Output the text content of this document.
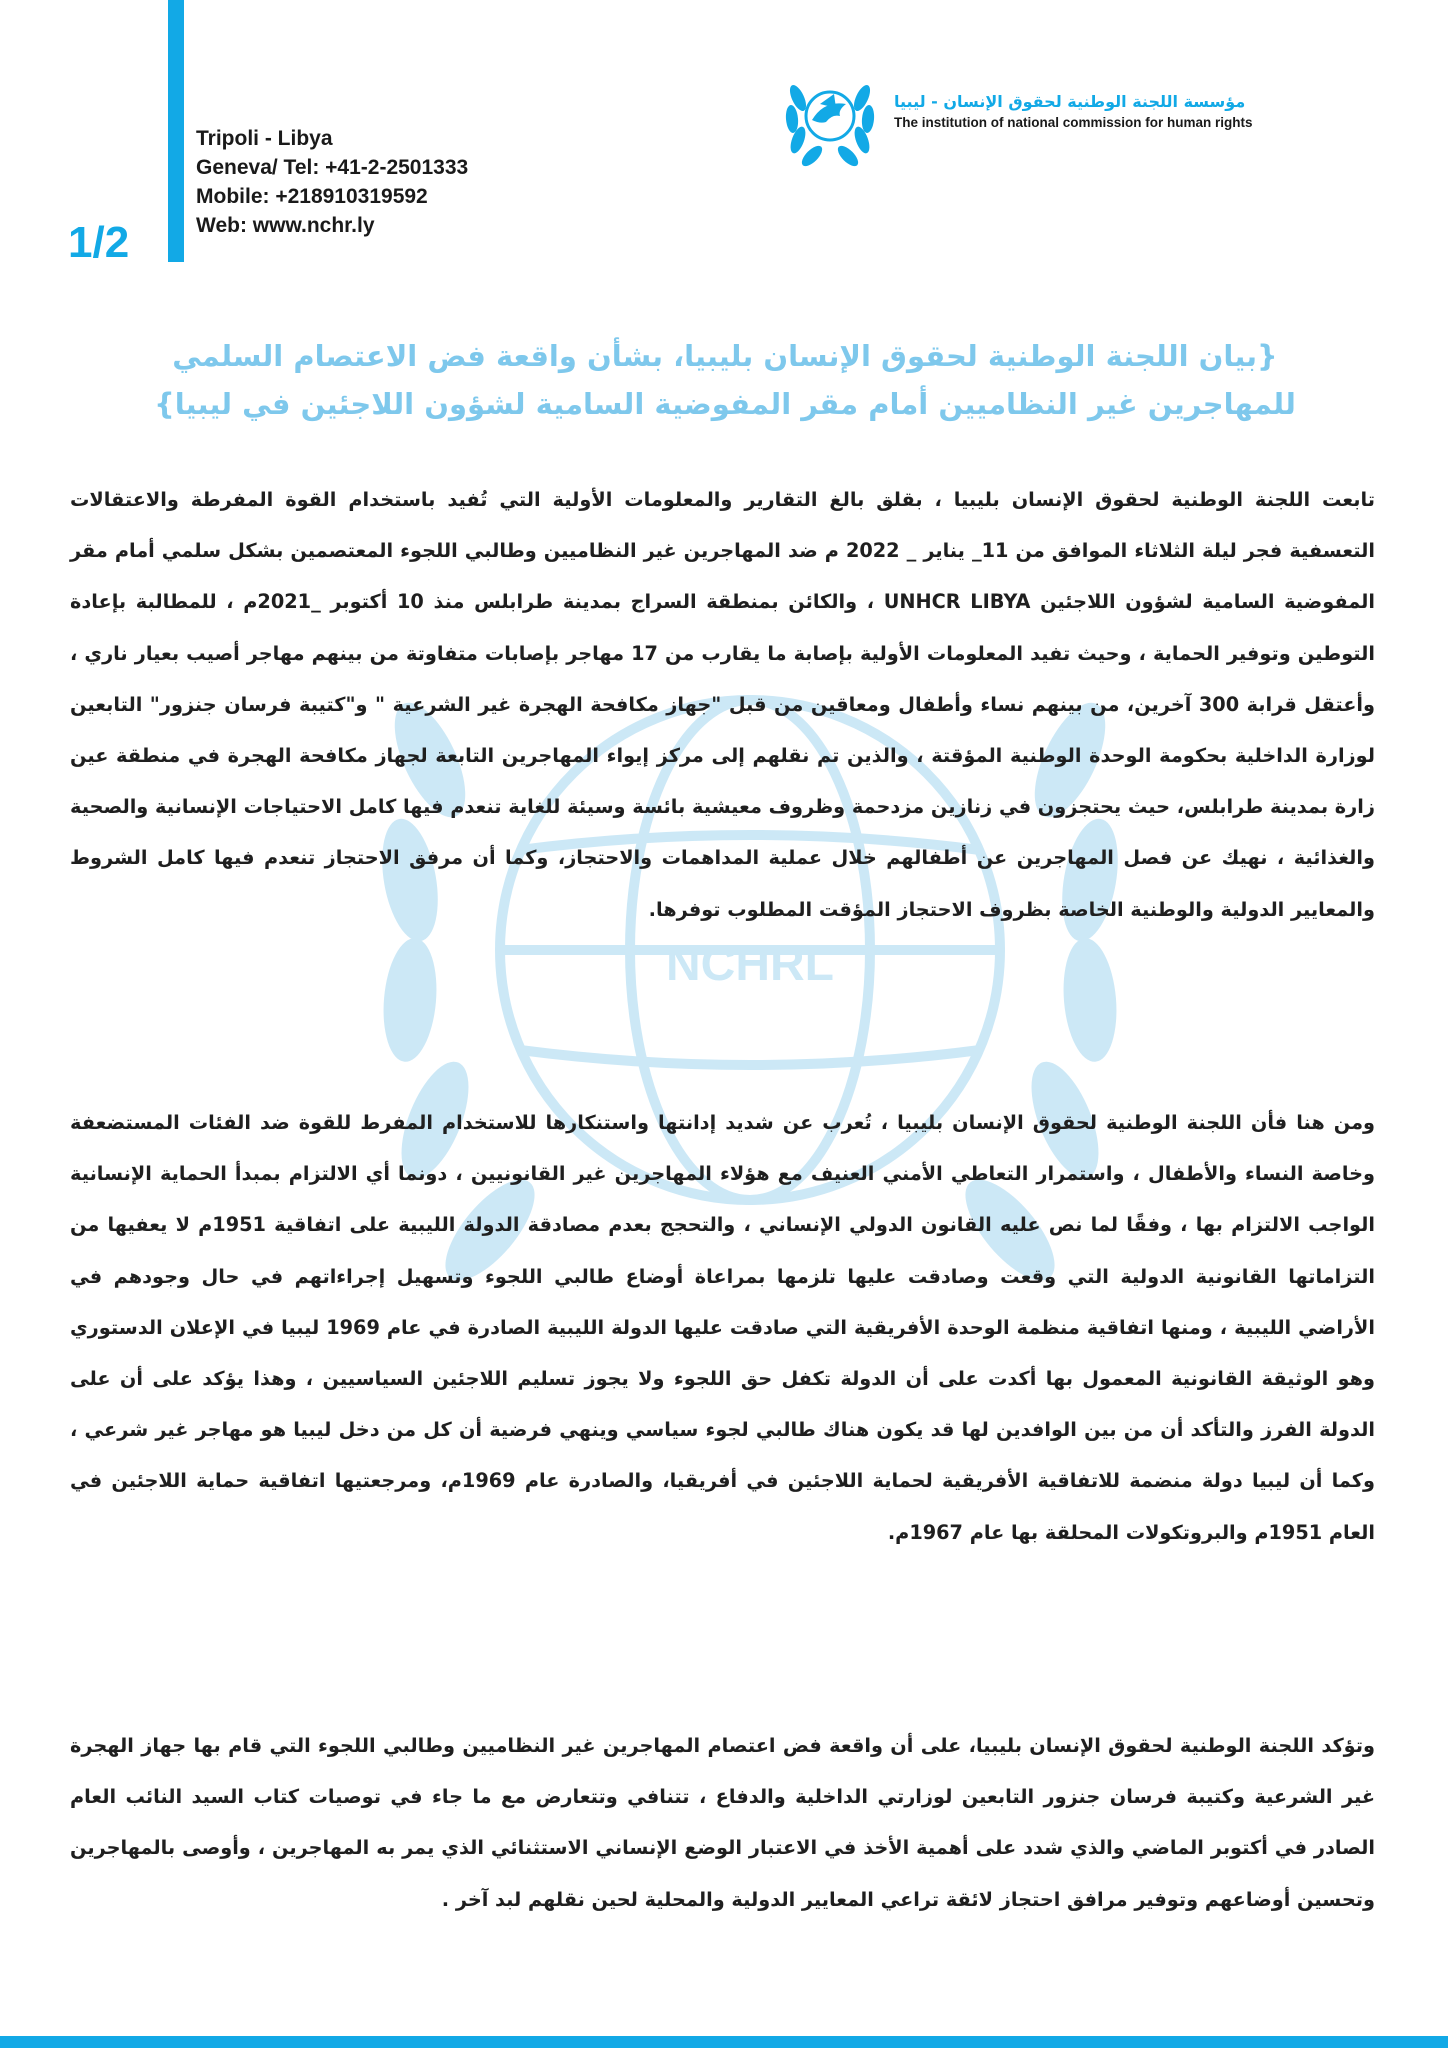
NCHRL
1/2
Tripoli - Libya
Geneva/ Tel: +41-2-2501333
Mobile: +218910319592
Web: www.nchr.ly
مؤسسة اللجنة الوطنية لحقوق الإنسان - ليبيا
The institution of national commission for human rights
{بيان اللجنة الوطنية لحقوق الإنسان بليبيا، بشأن واقعة فض الاعتصام السلمي
للمهاجرين غير النظاميين أمام مقر المفوضية السامية لشؤون اللاجئين في ليبيا}
تابعت اللجنة الوطنية لحقوق الإنسان بليبيا ، بقلق بالغ التقارير والمعلومات الأولية التي تُفيد باستخدام القوة المفرطة والاعتقالات التعسفية فجر ليلة الثلاثاء الموافق من 11_ يناير _ 2022 م ضد المهاجرين غير النظاميين وطالبي اللجوء المعتصمين بشكل سلمي أمام مقر المفوضية السامية لشؤون اللاجئين UNHCR LIBYA ، والكائن بمنطقة السراج بمدينة طرابلس منذ 10 أكتوبر _2021م ، للمطالبة بإعادة التوطين وتوفير الحماية ، وحيث تفيد المعلومات الأولية بإصابة ما يقارب من 17 مهاجر بإصابات متفاوتة من بينهم مهاجر أصيب بعيار ناري ، وأعتقل قرابة 300 آخرين، من بينهم نساء وأطفال ومعاقين من قبل "جهاز مكافحة الهجرة غير الشرعية " و"كتيبة فرسان جنزور" التابعين لوزارة الداخلية بحكومة الوحدة الوطنية المؤقتة ، والذين تم نقلهم إلى مركز إيواء المهاجرين التابعة لجهاز مكافحة الهجرة في منطقة عين زارة بمدينة طرابلس، حيث يحتجزون في زنازين مزدحمة وظروف معيشية بائسة وسيئة للغاية تنعدم فيها كامل الاحتياجات الإنسانية والصحية والغذائية ، نهيك عن فصل المهاجرين عن أطفالهم خلال عملية المداهمات والاحتجاز، وكما أن مرفق الاحتجاز تنعدم فيها كامل الشروط والمعايير الدولية والوطنية الخاصة بظروف الاحتجاز المؤقت المطلوب توفرها.
ومن هنا فأن اللجنة الوطنية لحقوق الإنسان بليبيا ، تُعرب عن شديد إدانتها واستنكارها للاستخدام المفرط للقوة ضد الفئات المستضعفة وخاصة النساء والأطفال ، واستمرار التعاطي الأمني العنيف مع هؤلاء المهاجرين غير القانونيين ، دونما أي الالتزام بمبدأ الحماية الإنسانية الواجب الالتزام بها ، وفقًا لما نص عليه القانون الدولي الإنساني ، والتحجج بعدم مصادقة الدولة الليبية على اتفاقية 1951م لا يعفيها من التزاماتها القانونية الدولية التي وقعت وصادقت عليها تلزمها بمراعاة أوضاع طالبي اللجوء وتسهيل إجراءاتهم في حال وجودهم في الأراضي الليبية ، ومنها اتفاقية منظمة الوحدة الأفريقية التي صادقت عليها الدولة الليبية الصادرة في عام 1969 ليبيا في الإعلان الدستوري وهو الوثيقة القانونية المعمول بها أكدت على أن الدولة تكفل حق اللجوء ولا يجوز تسليم اللاجئين السياسيين ، وهذا يؤكد على أن على الدولة الفرز والتأكد أن من بين الوافدين لها قد يكون هناك طالبي لجوء سياسي وينهي فرضية أن كل من دخل ليبيا هو مهاجر غير شرعي ، وكما أن ليبيا دولة منضمة للاتفاقية الأفريقية لحماية اللاجئين في أفريقيا، والصادرة عام 1969م، ومرجعتيها اتفاقية حماية اللاجئين في العام 1951م والبروتكولات المحلقة بها عام 1967م.
وتؤكد اللجنة الوطنية لحقوق الإنسان بليبيا، على أن واقعة فض اعتصام المهاجرين غير النظاميين وطالبي اللجوء التي قام بها جهاز الهجرة غير الشرعية وكتيبة فرسان جنزور التابعين لوزارتي الداخلية والدفاع ، تتنافي وتتعارض مع ما جاء في توصيات كتاب السيد النائب العام الصادر في أكتوبر الماضي والذي شدد على أهمية الأخذ في الاعتبار الوضع الإنساني الاستثنائي الذي يمر به المهاجرين ، وأوصى بالمهاجرين وتحسين أوضاعهم وتوفير مرافق احتجاز لائقة تراعي المعايير الدولية والمحلية لحين نقلهم لبد آخر .
